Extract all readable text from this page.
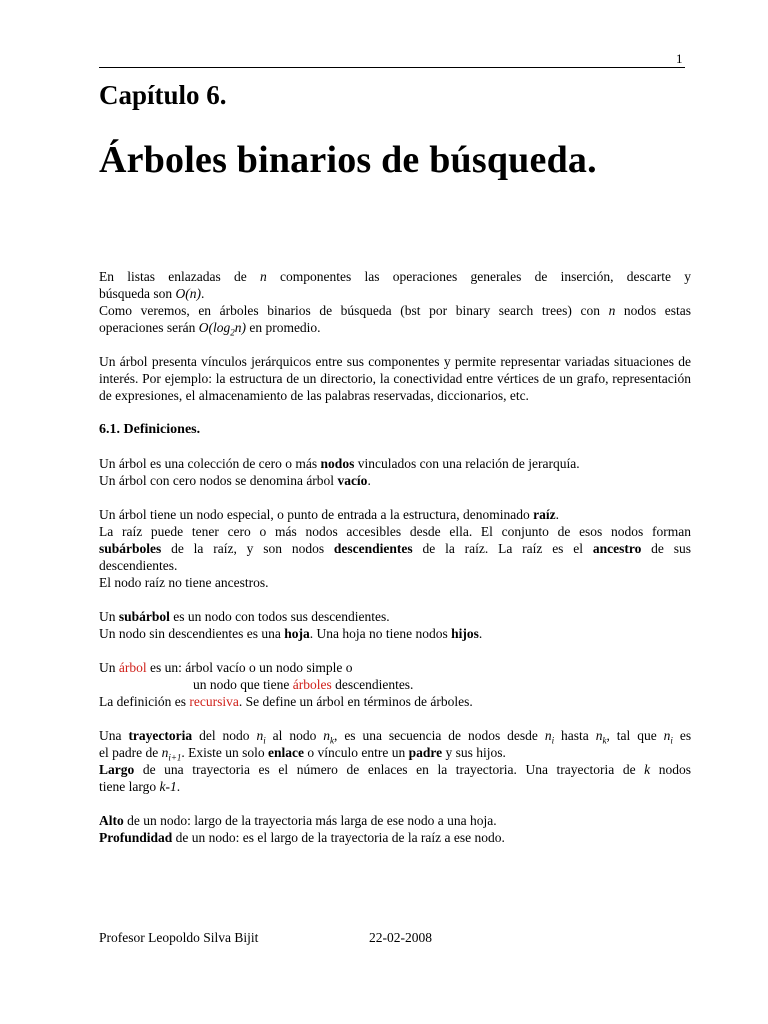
1
Capítulo 6.
Árboles binarios de búsqueda.

En listas enlazadas de n componentes las operaciones generales de inserción, descarte y
búsqueda son O(n).
Como veremos, en árboles binarios de búsqueda (bst por binary search trees) con n nodos estas
operaciones serán $O(\log_2n)$ en promedio.

Un árbol presenta vínculos jerárquicos entre sus componentes y permite representar variadas situaciones de interés. Por ejemplo: la estructura de un directorio, la conectividad entre vértices de un grafo, representación de expresiones, el almacenamiento de las palabras reservadas, diccionarios, etc.

6.1. Definiciones.

Un árbol es una colección de cero o más nodos vinculados con una relación de jerarquía.
Un árbol con cero nodos se denomina árbol vacío.

Un árbol tiene un nodo especial, o punto de entrada a la estructura, denominado raíz.
La raíz puede tener cero o más nodos accesibles desde ella. El conjunto de esos nodos forman
subárboles de la raíz, y son nodos descendientes de la raíz. La raíz es el ancestro de sus
descendientes.
El nodo raíz no tiene ancestros.

Un subárbol es un nodo con todos sus descendientes.
Un nodo sin descendientes es una hoja. Una hoja no tiene nodos hijos.

Un árbol es un: árbol vacío o un nodo simple o
un nodo que tiene árboles descendientes.
La definición es recursiva. Se define un árbol en términos de árboles.

Una trayectoria del nodo $n_i$ al nodo $n_k$, es una secuencia de nodos desde $n_i$ hasta $n_k$, tal que $n_i$ es
el padre de $n_{i+1}$. Existe un solo enlace o vínculo entre un padre y sus hijos.
Largo de una trayectoria es el número de enlaces en la trayectoria. Una trayectoria de k nodos
tiene largo k-1.

Alto de un nodo: largo de la trayectoria más larga de ese nodo a una hoja.
Profundidad de un nodo: es el largo de la trayectoria de la raíz a ese nodo.

Profesor Leopoldo Silva Bijit	22-02-2008
